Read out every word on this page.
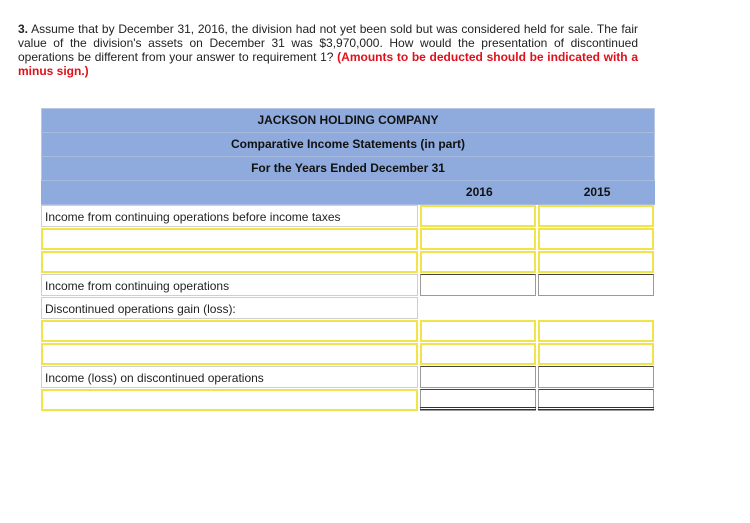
3. Assume that by December 31, 2016, the division had not yet been sold but was considered held for sale. The fair value of the division's assets on December 31 was $3,970,000. How would the presentation of discontinued operations be different from your answer to requirement 1? (Amounts to be deducted should be indicated with a minus sign.)
JACKSON HOLDING COMPANY
Comparative Income Statements (in part)
For the Years Ended December 31
2016	2015
Income from continuing operations before income taxes
Income from continuing operations
Discontinued operations gain (loss):
Income (loss) on discontinued operations
